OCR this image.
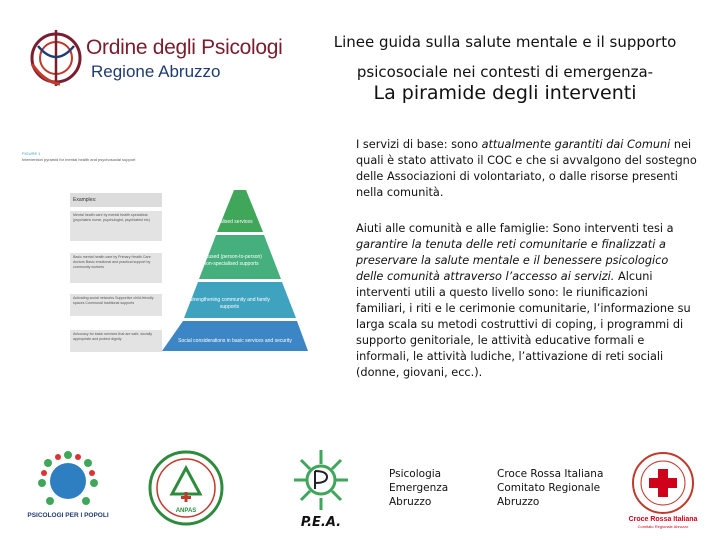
Ordine degli Psicologi
Regione Abruzzo
Linee guida sulla salute mentale e il supporto
psicosociale nei contesti di emergenza-
La piramide degli interventi
FIGURE 1
Intervention pyramid for mental health and psychosocial support
Examples:
Mental health care by mental health specialists (psychiatric nurse, psychologist, psychiatrist etc)
Basic mental health care by Primary Health Care doctors Basic emotional and practical support by community workers
Activating social networks Supportive child-friendly spaces Communal traditional supports
Advocacy for basic services that are safe, socially appropriate and protect dignity
Specialised services
Focused (person-to-person) non-specialised supports
Strengthening community and family supports
Social considerations in basic services and security
I servizi di base: sono attualmente garantiti dai Comuni nei quali è stato attivato il COC e che si avvalgono del sostegno delle Associazioni di volontariato, o dalle risorse presenti nella comunità.
Aiuti alle comunità e alle famiglie: Sono interventi tesi a garantire la tenuta delle reti comunitarie e finalizzati a preservare la salute mentale e il benessere psicologico delle comunità attraverso l’accesso ai servizi. Alcuni interventi utili a questo livello sono: le riunificazioni familiari, i riti e le cerimonie comunitarie, l’informazione su larga scala su metodi costruttivi di coping, i programmi di supporto genitoriale, le attività educative formali e informali, le attività ludiche, l’attivazione di reti sociali (donne, giovani, ecc.).
PSICOLOGI PER I POPOLI
ANPAS
P.E.A.
Psicologia
Emergenza
Abruzzo
Croce Rossa Italiana
Comitato Regionale
Abruzzo
Croce Rossa Italiana
Comitato Regionale Abruzzo
